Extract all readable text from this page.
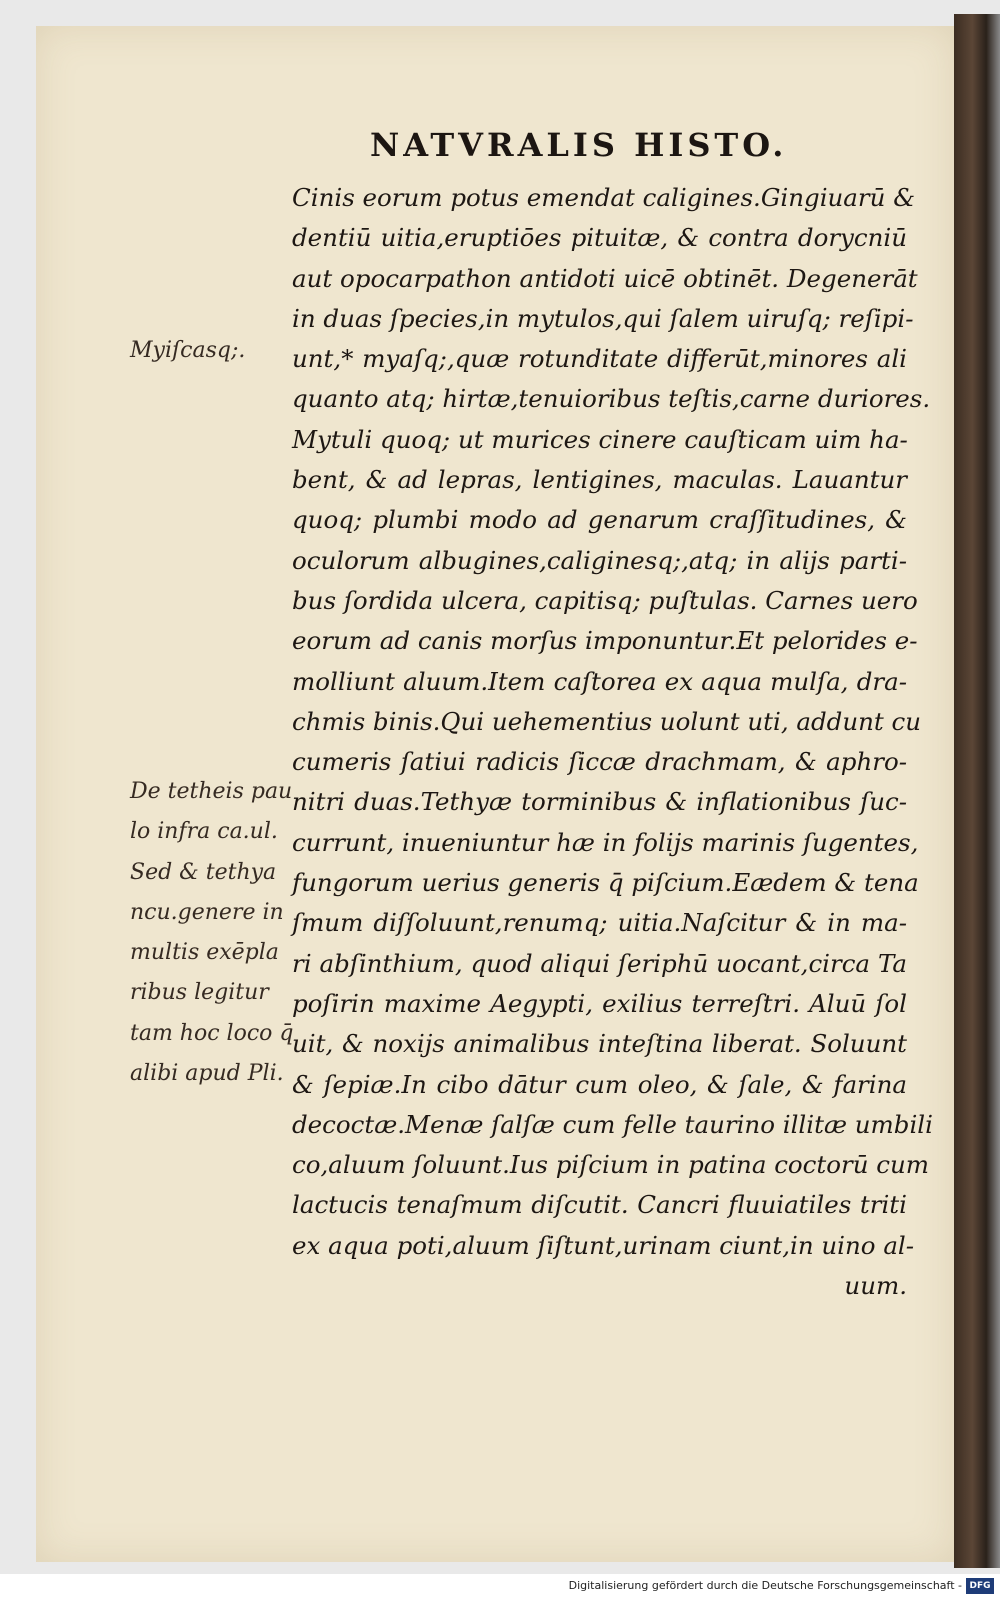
NATVRALIS HISTO.
Cinis eorum potus emendat caligines.Gingiuarū &
dentiū uitia,eruptiōes pituitæ, & contra dorycniū
aut opocarpathon antidoti uicē obtinēt. Degenerāt
in duas ſpecies,in mytulos,qui ſalem uiruſq; reſipi-
unt,* myaſq;,quæ rotunditate differūt,minores ali
quanto atq; hirtæ,tenuioribus teſtis,carne duriores.
Mytuli quoq; ut murices cinere cauſticam uim ha-
bent, & ad lepras, lentigines, maculas. Lauantur
quoq; plumbi modo ad genarum craſſitudines, &
oculorum albugines,caliginesq;,atq; in alijs parti-
bus ſordida ulcera, capitisq; puſtulas. Carnes uero
eorum ad canis morſus imponuntur.Et pelorides e-
molliunt aluum.Item caſtorea ex aqua mulſa, dra-
chmis binis.Qui uehementius uolunt uti, addunt cu
cumeris ſatiui radicis ſiccæ drachmam, & aphro-
nitri duas.Tethyæ torminibus & inflationibus ſuc-
currunt, inueniuntur hæ in folijs marinis ſugentes,
fungorum uerius generis q̄ piſcium.Eædem & tena
ſmum diſſoluunt,renumq; uitia.Naſcitur & in ma-
ri abſinthium, quod aliqui ſeriphū uocant,circa Ta
poſirin maxime Aegypti, exilius terreſtri. Aluū ſol
uit, & noxijs animalibus inteſtina liberat. Soluunt
& ſepiæ.In cibo dātur cum oleo, & ſale, & farina
decoctæ.Menæ ſalſæ cum felle taurino illitæ umbili
co,aluum ſoluunt.Ius piſcium in patina coctorū cum
lactucis tenaſmum diſcutit. Cancri fluuiatiles triti
ex aqua poti,aluum ſiſtunt,urinam ciunt,in uino al-
uum.
Myiſcasq;.
De tetheis pau
lo infra ca.ul.
Sed & tethya
ncu.genere in
multis exēpla
ribus legitur
tam hoc loco q̄
alibi apud Pli.
Digitalisierung gefördert durch die Deutsche Forschungsgemeinschaft - DFG
